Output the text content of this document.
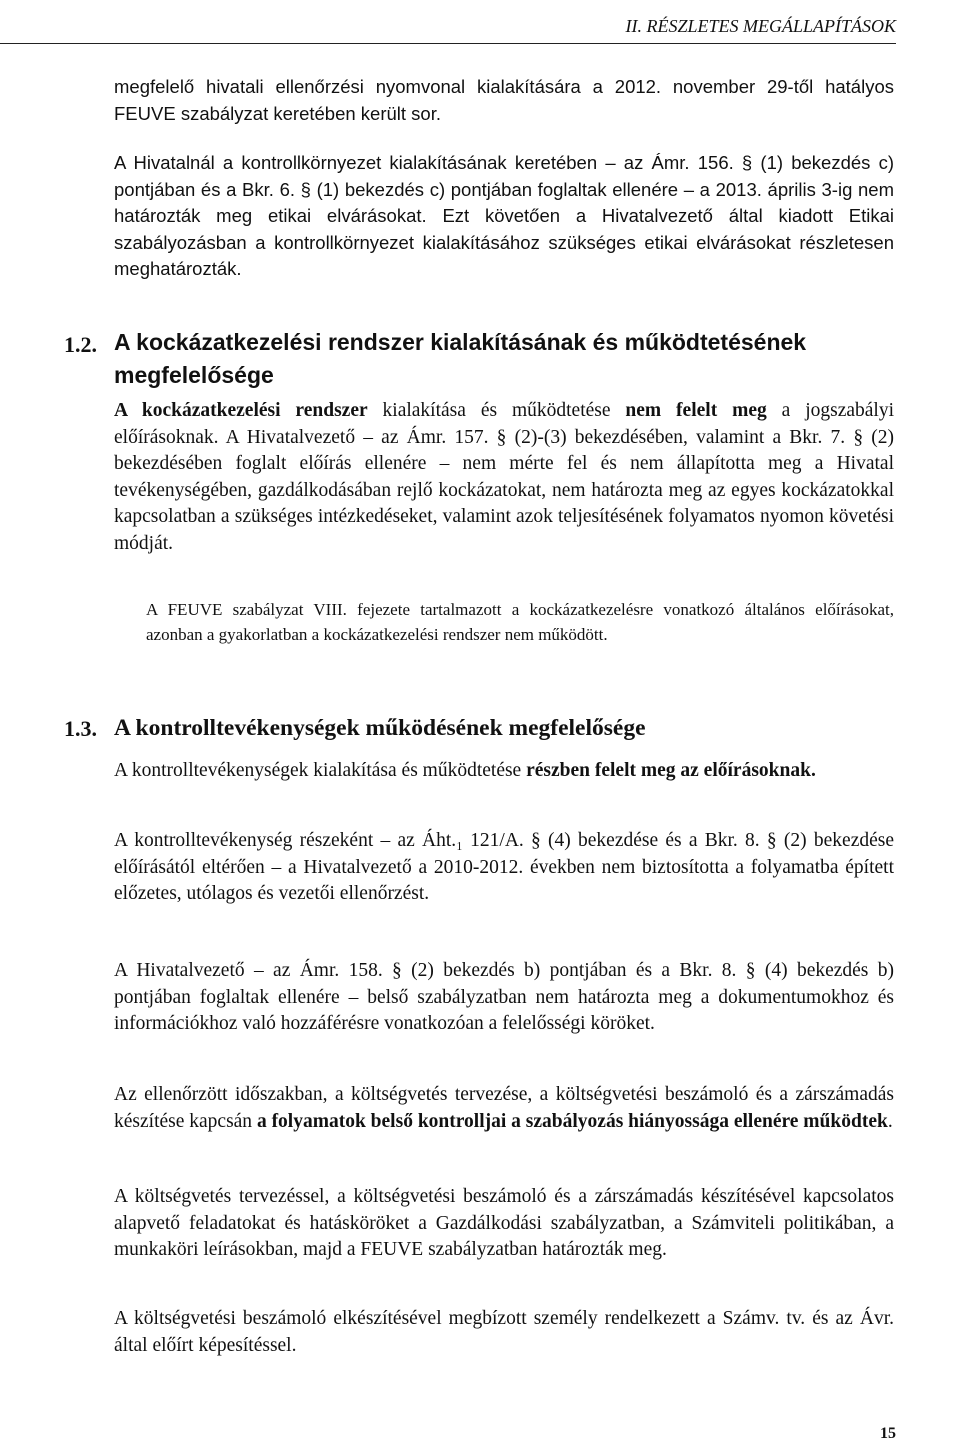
II. RÉSZLETES MEGÁLLAPÍTÁSOK

megfelelő hivatali ellenőrzési nyomvonal kialakítására a 2012. november 29-től hatályos FEUVE szabályzat keretében került sor.

A Hivatalnál a kontrollkörnyezet kialakításának keretében – az Ámr. 156. § (1) bekezdés c) pontjában és a Bkr. 6. § (1) bekezdés c) pontjában foglaltak ellenére – a 2013. április 3-ig nem határozták meg etikai elvárásokat. Ezt követően a Hivatalvezető által kiadott Etikai szabályozásban a kontrollkörnyezet kialakításához szükséges etikai elvárásokat részletesen meghatározták.

1.2. A kockázatkezelési rendszer kialakításának és működtetésének megfelelősége

A kockázatkezelési rendszer kialakítása és működtetése nem felelt meg a jogszabályi előírásoknak. A Hivatalvezető – az Ámr. 157. § (2)-(3) bekezdésében, valamint a Bkr. 7. § (2) bekezdésében foglalt előírás ellenére – nem mérte fel és nem állapította meg a Hivatal tevékenységében, gazdálkodásában rejlő kockázatokat, nem határozta meg az egyes kockázatokkal kapcsolatban a szükséges intézkedéseket, valamint azok teljesítésének folyamatos nyomon követési módját.

A FEUVE szabályzat VIII. fejezete tartalmazott a kockázatkezelésre vonatkozó általános előírásokat, azonban a gyakorlatban a kockázatkezelési rendszer nem működött.

1.3. A kontrolltevékenységek működésének megfelelősége

A kontrolltevékenységek kialakítása és működtetése részben felelt meg az előírásoknak.

A kontrolltevékenység részeként – az Áht.₁ 121/A. § (4) bekezdése és a Bkr. 8. § (2) bekezdése előírásától eltérően – a Hivatalvezető a 2010-2012. években nem biztosította a folyamatba épített előzetes, utólagos és vezetői ellenőrzést.

A Hivatalvezető – az Ámr. 158. § (2) bekezdés b) pontjában és a Bkr. 8. § (4) bekezdés b) pontjában foglaltak ellenére – belső szabályzatban nem határozta meg a dokumentumokhoz és információkhoz való hozzáférésre vonatkozóan a felelősségi köröket.

Az ellenőrzött időszakban, a költségvetés tervezése, a költségvetési beszámoló és a zárszámadás készítése kapcsán a folyamatok belső kontrolljai a szabályozás hiányossága ellenére működtek.

A költségvetés tervezéssel, a költségvetési beszámoló és a zárszámadás készítésével kapcsolatos alapvető feladatokat és hatásköröket a Gazdálkodási szabályzatban, a Számviteli politikában, a munkaköri leírásokban, majd a FEUVE szabályzatban határozták meg.

A költségvetési beszámoló elkészítésével megbízott személy rendelkezett a Számv. tv. és az Ávr. által előírt képesítéssel.

15
